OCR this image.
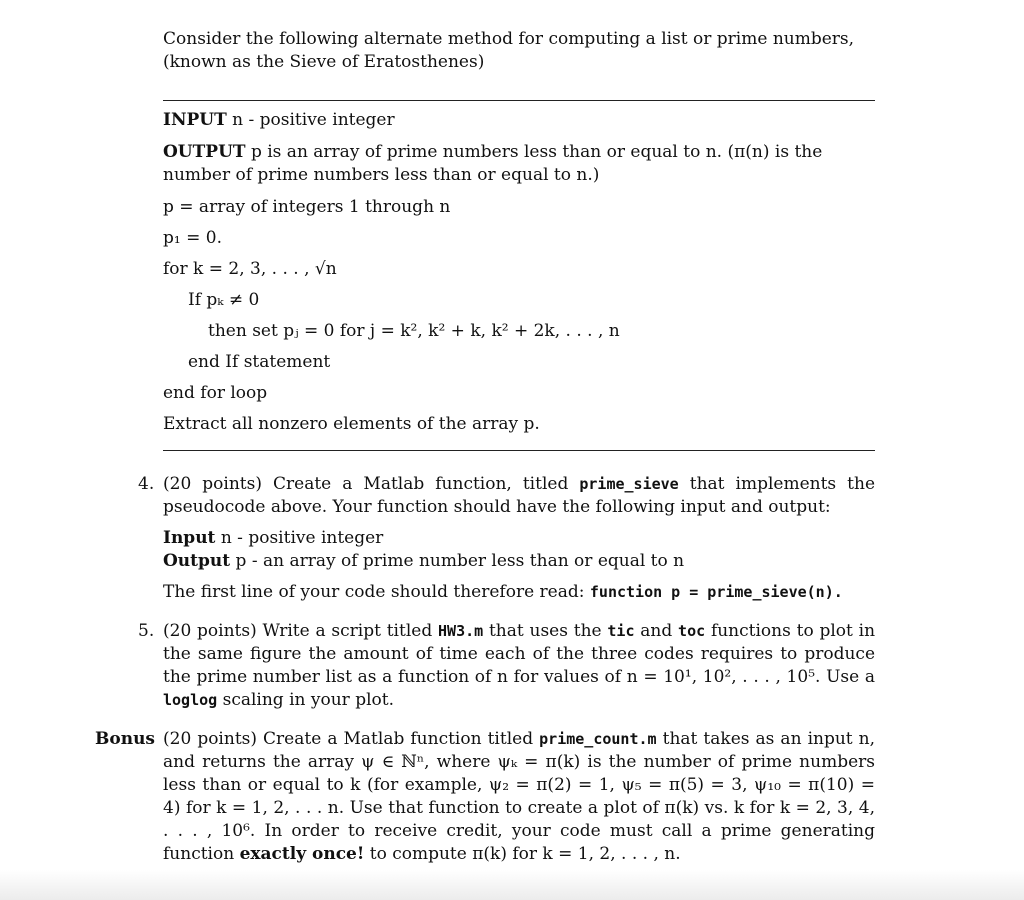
Consider the following alternate method for computing a list or prime numbers, (known as the Sieve of Eratosthenes)

INPUT n - positive integer

OUTPUT p is an array of prime numbers less than or equal to n. (π(n) is the number of prime numbers less than or equal to n.)

p = array of integers 1 through n

p₁ = 0.

for k = 2, 3, . . . , √n

If pₖ ≠ 0

then set pⱼ = 0 for j = k², k² + k, k² + 2k, . . . , n

end If statement

end for loop

Extract all nonzero elements of the array p.

4. (20 points) Create a Matlab function, titled prime_sieve that implements the pseudocode above. Your function should have the following input and output:

Input n - positive integer

Output p - an array of prime number less than or equal to n

The first line of your code should therefore read: function p = prime_sieve(n).

5. (20 points) Write a script titled HW3.m that uses the tic and toc functions to plot in the same figure the amount of time each of the three codes requires to produce the prime number list as a function of n for values of n = 10¹, 10², . . . , 10⁵. Use a loglog scaling in your plot.
Bonus (20 points) Create a Matlab function titled prime_count.m that takes as an input n, and returns the array ψ ∈ ℕⁿ, where ψₖ = π(k) is the number of prime numbers less than or equal to k (for example, ψ₂ = π(2) = 1, ψ₅ = π(5) = 3, ψ₁₀ = π(10) = 4) for k = 1, 2, . . . n. Use that function to create a plot of π(k) vs. k for k = 2, 3, 4, . . . , 10⁶. In order to receive credit, your code must call a prime generating function exactly once! to compute π(k) for k = 1, 2, . . . , n.
